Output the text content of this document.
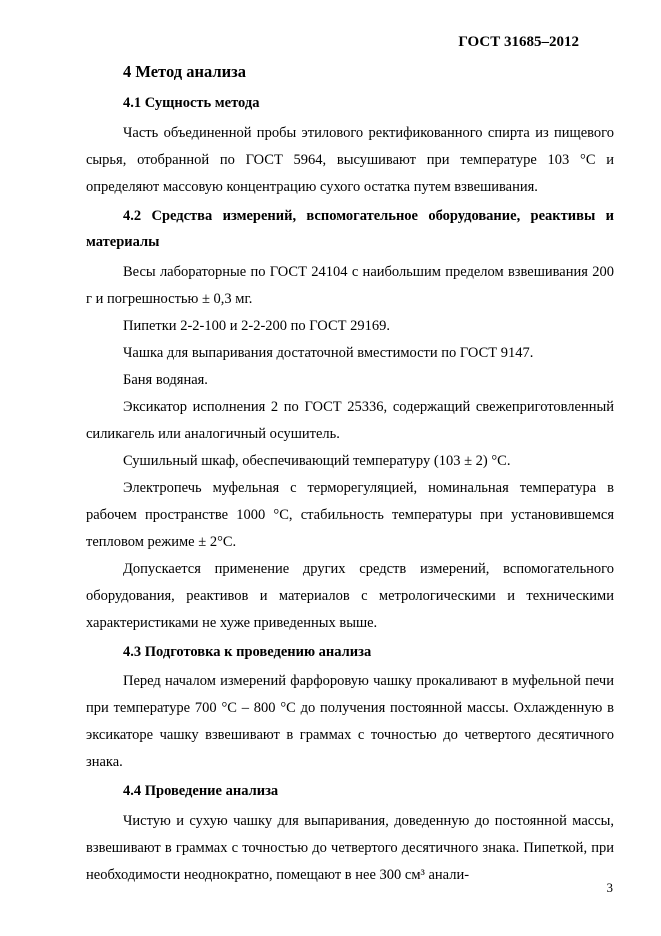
ГОСТ 31685–2012
4 Метод анализа
4.1 Сущность метода
Часть объединенной пробы этилового ректификованного спирта из пищевого сырья, отобранной по ГОСТ 5964, высушивают при температуре 103 °С и определяют массовую концентрацию сухого остатка путем взвешивания.
4.2 Средства измерений, вспомогательное оборудование, реактивы и материалы
Весы лабораторные по ГОСТ 24104 с наибольшим пределом взвешивания 200 г и погрешностью ± 0,3 мг.
Пипетки 2-2-100 и 2-2-200 по ГОСТ 29169.
Чашка для выпаривания достаточной вместимости по ГОСТ 9147.
Баня водяная.
Эксикатор исполнения 2 по ГОСТ 25336, содержащий свежеприготовленный силикагель или аналогичный осушитель.
Сушильный шкаф, обеспечивающий температуру (103 ± 2) °С.
Электропечь муфельная с терморегуляцией, номинальная температура в рабочем пространстве 1000 °С, стабильность температуры при установившемся тепловом режиме ± 2°С.
Допускается применение других средств измерений, вспомогательного оборудования, реактивов и материалов с метрологическими и техническими характеристиками не хуже приведенных выше.
4.3 Подготовка к проведению анализа
Перед началом измерений фарфоровую чашку прокаливают в муфельной печи при температуре 700 °С – 800 °С до получения постоянной массы. Охлажденную в эксикаторе чашку взвешивают в граммах с точностью до четвертого десятичного знака.
4.4 Проведение анализа
Чистую и сухую чашку для выпаривания, доведенную до постоянной массы, взвешивают в граммах с точностью до четвертого десятичного знака. Пипеткой, при необходимости неоднократно, помещают в нее 300 см³ анали-
3
